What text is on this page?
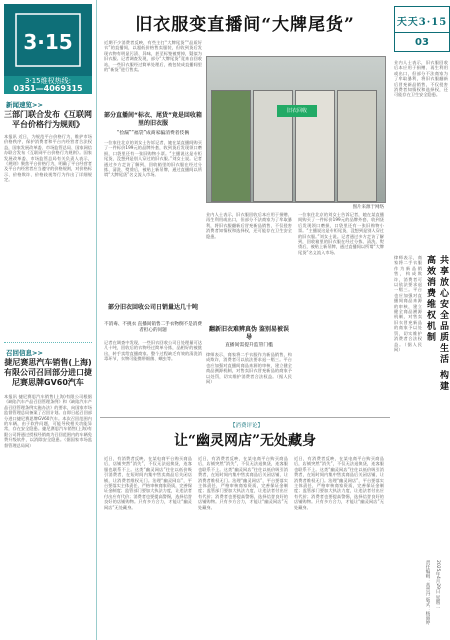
3·15
3·15维权热线:
0351—4069315
新闻速览>>
三部门联合发布《互联网平台价格行为规则》
本报讯 近日，为规范平台价格行为，维护市场价格秩序，保护消费者和平台内经营者合法权益，国家发展改革委、市场监管总局、国家网信办联合发布《互联网平台价格行为规则》。国家发展改革委、市场监管总局有关负责人表示，《规则》聚焦平台价格行为，明确了平台经营者及平台内经营者应当遵守的价格规则，对价格标示、价格欺诈、价格歧视等行为作出了详细规定。
召回信息>>
捷尼赛思汽车销售(上海)有限公司召回部分进口捷尼赛思牌GV60汽车
本报讯 捷尼赛思汽车销售(上海)有限公司根据《缺陷汽车产品召回管理条例》和《缺陷汽车产品召回管理条例实施办法》的要求，向国家市场监督管理总局备案了召回计划。自即日起召回部分进口捷尼赛思牌GV60汽车。本次召回范围内的车辆，由于软件问题，可能导致相关功能异常，存在安全隐患。捷尼赛思汽车销售(上海)有限公司将通过授权经销商为召回范围内的车辆免费升级软件，以消除安全隐患。（据国家市场监督管理总局网）
旧衣服变直播间“大牌尾货”
近期不少消费者反映，有些主打“大牌尾货”“品质好衣”的直播间，以超低价格售卖服装，但收到货后发现衣物有明显污渍、异味，甚至标签被剪掉，疑似为旧衣服。记者调查发现，部分“大牌尾货”竟来自回收站，一些旧衣服经过简单处理后，被包装成直播间里的“新货”进行售卖。
部分直播间“标衣、尾货”竟是回收箱里的旧衣服
“捡漏”“福袋”成商家骗消费者伎俩
一位家住北京的刘女士告诉记者，她在某直播间购买了一件标价199元的品牌外套，收到货后发现领口磨损，口袋里还有一张旧购物小票。“主播说这是专柜尾货，没想到是别人穿过的旧衣服。”刘女士说。记者通过多方走访了解到，回收箱里的旧衣服在经过分拣、清洗、熨烫后，被贴上新吊牌，通过直播间以所谓“大牌尾货”名义流入市场。
旧衣回收
图片来源于网络
业内人士表示，旧衣服回收后本应用于捐赠、再生利用或出口，但部分不法商家为了牟取暴利，将旧衣服翻新后冒充新品销售，不仅侵害消费者知情权和选择权，还可能存在卫生安全隐患。
部分旧衣回收公司日销量达几十吨
不消毒、不挑衣 直播间销售二手衣物倒不是消费者担心的问题
记者在调查中发现，一些旧衣回收公司日处理量可达几十吨，回收后的衣物经过简单分拣，品相好的被挑出，转手卖给直播商家。整个过程缺乏有效的清洗消毒环节，衣物可能携带细菌、螨虫等。
翻新旧衣难辨真伪 鉴别易被误导
直播间需提升监管门槛
律师表示，商家将二手衣服作为新品销售，构成欺诈，消费者可以依法要求退一赔三。平台也应加强对直播间商品来源的审核，建立健全商品溯源机制，对售卖旧衣冒充新品的商家予以处罚，切实维护消费者合法权益。（据人民网）
一位家住北京的刘女士告诉记者，她在某直播间购买了一件标价199元的品牌外套，收到货后发现领口磨损，口袋里还有一张旧购物小票。“主播说这是专柜尾货，没想到是别人穿过的旧衣服。”刘女士说。记者通过多方走访了解到，回收箱里的旧衣服在经过分拣、清洗、熨烫后，被贴上新吊牌，通过直播间以所谓“大牌尾货”名义流入市场。
【消费评论】
让“幽灵网店”无处藏身
近日，有消费者反映，在某电商平台购买商品后，店铺突然“消失”，不仅无法退换货，连客服也联系不上。这类“幽灵网店”往往以低价吸引消费者，在短时间内集中售卖商品后关闭店铺，让消费者维权无门。治理“幽灵网店”，平台要落实主体责任，严格审核商家资质，完善保证金制度；监管部门要加大执法力度，让违法者付出应有代价；消费者也要提高警惕，选择信誉良好的店铺购物。只有多方合力，才能让“幽灵网店”无处藏身。
近日，有消费者反映，在某电商平台购买商品后，店铺突然“消失”，不仅无法退换货，连客服也联系不上。这类“幽灵网店”往往以低价吸引消费者，在短时间内集中售卖商品后关闭店铺，让消费者维权无门。治理“幽灵网店”，平台要落实主体责任，严格审核商家资质，完善保证金制度；监管部门要加大执法力度，让违法者付出应有代价；消费者也要提高警惕，选择信誉良好的店铺购物。只有多方合力，才能让“幽灵网店”无处藏身。
近日，有消费者反映，在某电商平台购买商品后，店铺突然“消失”，不仅无法退换货，连客服也联系不上。这类“幽灵网店”往往以低价吸引消费者，在短时间内集中售卖商品后关闭店铺，让消费者维权无门。治理“幽灵网店”，平台要落实主体责任，严格审核商家资质，完善保证金制度；监管部门要加大执法力度，让违法者付出应有代价；消费者也要提高警惕，选择信誉良好的店铺购物。只有多方合力，才能让“幽灵网店”无处藏身。
天天3·15
03
业内人士表示，旧衣服回收后本应用于捐赠、再生利用或出口，但部分不法商家为了牟取暴利，将旧衣服翻新后冒充新品销售，不仅侵害消费者知情权和选择权，还可能存在卫生安全隐患。
共享放心安全品质生活 构建高效消费维权机制
律师表示，商家将二手衣服作为新品销售，构成欺诈，消费者可以依法要求退一赔三。平台也应加强对直播间商品来源的审核，建立健全商品溯源机制，对售卖旧衣冒充新品的商家予以处罚，切实维护消费者合法权益。（据人民网）
责任编辑：高晋丹 版式：杨丽婷 2025年4月29日 星期二
